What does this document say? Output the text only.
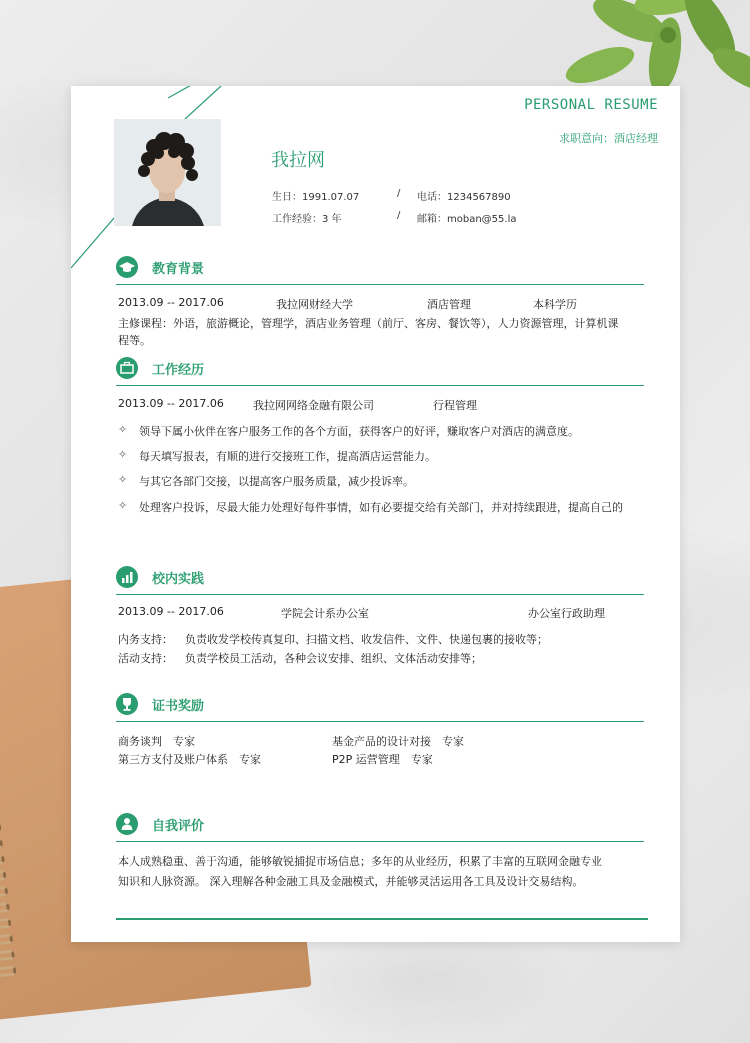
PERSONAL RESUME
求职意向：酒店经理
我拉网
生日：1991.07.07	/ 电话：1234567890
工作经验：3 年	/ 邮箱：moban@55.la
教育背景
2013.09 -- 2017.06	我拉网财经大学	酒店管理	本科学历
主修课程：外语，旅游概论，管理学，酒店业务管理（前厅、客房、餐饮等），人力资源管理，计算机课
程等。
工作经历
2013.09 -- 2017.06	我拉网网络金融有限公司	行程管理
✧ 领导下属小伙伴在客户服务工作的各个方面，获得客户的好评，赚取客户对酒店的满意度。
✧ 每天填写报表，有顺的进行交接班工作，提高酒店运营能力。
✧ 与其它各部门交接，以提高客户服务质量，减少投诉率。
✧ 处理客户投诉，尽最大能力处理好每件事情，如有必要提交给有关部门，并对持续跟进，提高自己的
校内实践
2013.09 -- 2017.06	学院会计系办公室	办公室行政助理
内务支持： 负责收发学校传真复印、扫描文档、收发信件、文件、快递包裹的接收等；
活动支持： 负责学校员工活动，各种会议安排、组织、文体活动安排等；
证书奖励
商务谈判　专家	基金产品的设计对接　专家
第三方支付及账户体系　专家	P2P 运营管理　专家
自我评价
本人成熟稳重、善于沟通，能够敏锐捕捉市场信息；多年的从业经历，积累了丰富的互联网金融专业
知识和人脉资源。 深入理解各种金融工具及金融模式，并能够灵活运用各工具及设计交易结构。
